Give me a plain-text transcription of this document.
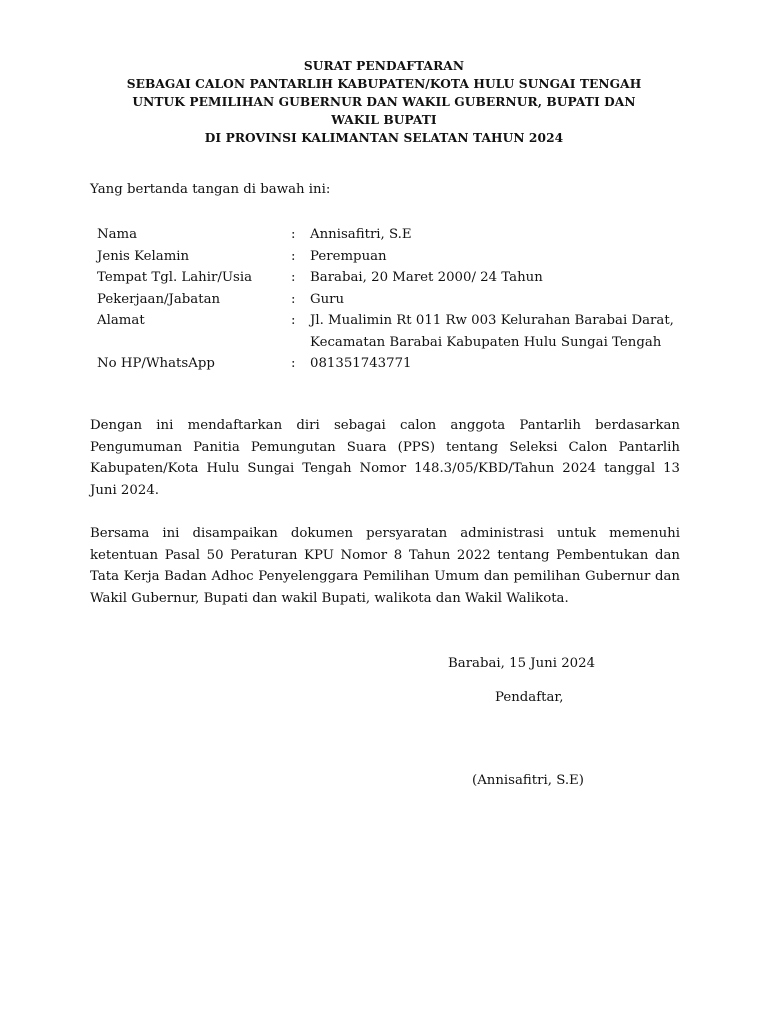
SURAT PENDAFTARAN
SEBAGAI CALON PANTARLIH KABUPATEN/KOTA HULU SUNGAI TENGAH
UNTUK PEMILIHAN GUBERNUR DAN WAKIL GUBERNUR, BUPATI DAN
WAKIL BUPATI
DI PROVINSI KALIMANTAN SELATAN TAHUN 2024
Yang bertanda tangan di bawah ini:
Nama	:	Annisafitri, S.E
Jenis Kelamin	:	Perempuan
Tempat Tgl. Lahir/Usia	:	Barabai, 20 Maret 2000/ 24 Tahun
Pekerjaan/Jabatan	:	Guru
Alamat	:	Jl. Mualimin Rt 011 Rw 003 Kelurahan Barabai Darat, Kecamatan Barabai Kabupaten Hulu Sungai Tengah
No HP/WhatsApp	:	081351743771

Dengan ini mendaftarkan diri sebagai calon anggota Pantarlih berdasarkan Pengumuman Panitia Pemungutan Suara (PPS) tentang Seleksi Calon Pantarlih Kabupaten/Kota Hulu Sungai Tengah Nomor 148.3/05/KBD/Tahun 2024 tanggal 13 Juni 2024.

Bersama ini disampaikan dokumen persyaratan administrasi untuk memenuhi ketentuan Pasal 50 Peraturan KPU Nomor 8 Tahun 2022 tentang Pembentukan dan Tata Kerja Badan Adhoc Penyelenggara Pemilihan Umum dan pemilihan Gubernur dan Wakil Gubernur, Bupati dan wakil Bupati, walikota dan Wakil Walikota.

Barabai, 15 Juni 2024
Pendaftar,
(Annisafitri, S.E)
